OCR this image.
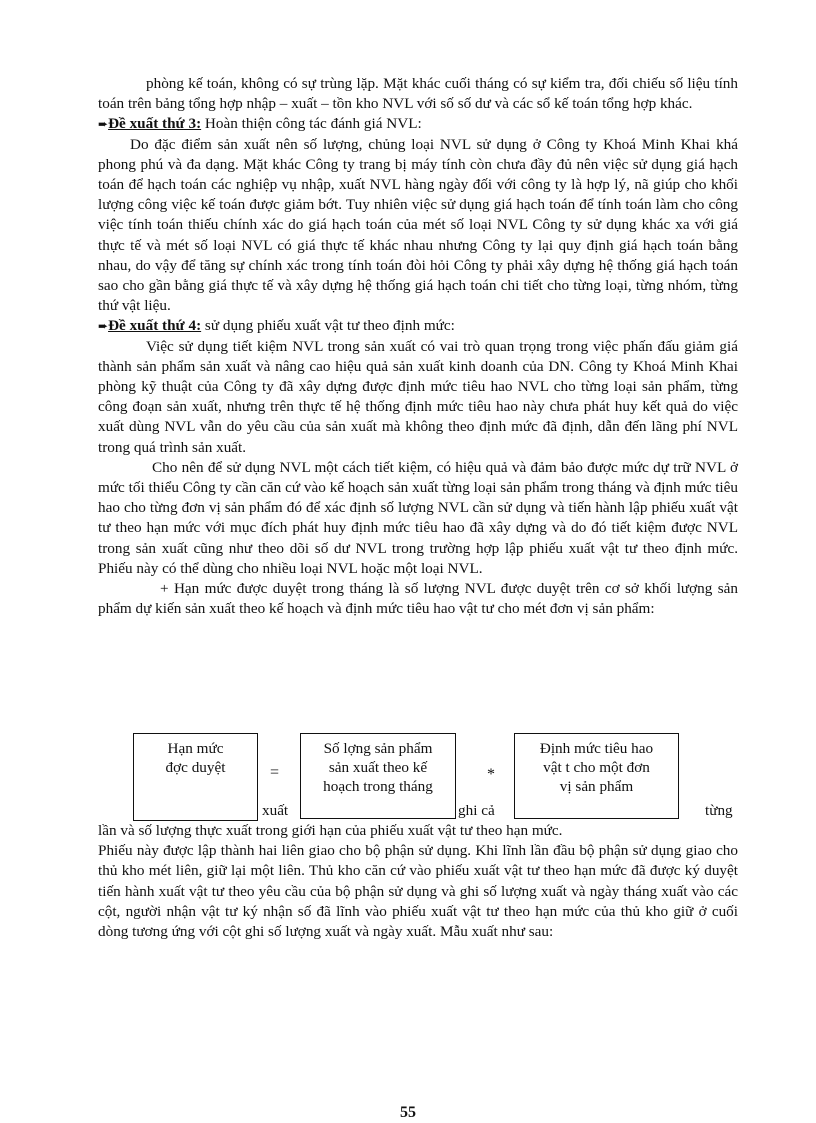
phòng kế toán, không có sự trùng lặp. Mặt khác cuối tháng có sự kiểm tra, đối chiếu số liệu tính toán trên bảng tổng hợp nhập – xuất – tồn kho NVL với số số dư và các sổ kế toán tổng hợp khác.

➨Đề xuất thứ 3: Hoàn thiện công tác đánh giá NVL:

Do đặc điểm sản xuất nên số lượng, chủng loại NVL sử dụng ở Công ty Khoá Minh Khai khá phong phú và đa dạng. Mặt khác Công ty trang bị máy tính còn chưa đầy đủ nên việc sử dụng giá hạch toán để hạch toán các nghiệp vụ nhập, xuất NVL hàng ngày đối với công ty là hợp lý, nã giúp cho khối lượng công việc kế toán được giảm bớt. Tuy nhiên việc sử dụng giá hạch toán để tính toán làm cho công việc tính toán thiếu chính xác do giá hạch toán của mét số loại NVL Công ty sử dụng khác xa với giá thực tế và mét số loại NVL có giá thực tế khác nhau nhưng Công ty lại quy định giá hạch toán bằng nhau, do vậy để tăng sự chính xác trong tính toán đòi hỏi Công ty phải xây dựng hệ thống giá hạch toán sao cho gần bằng giá thực tế và xây dựng hệ thống giá hạch toán chi tiết cho từng loại, từng nhóm, từng thứ vật liệu.

➨Đề xuất thứ 4: sử dụng phiếu xuất vật tư theo định mức:

Việc sử dụng tiết kiệm NVL trong sản xuất có vai trò quan trọng trong việc phấn đấu giảm giá thành sản phẩm sản xuất và nâng cao hiệu quả sản xuất kinh doanh của DN. Công ty Khoá Minh Khai phòng kỹ thuật của Công ty đã xây dựng được định mức tiêu hao NVL cho từng loại sản phẩm, từng công đoạn sản xuất, nhưng trên thực tế hệ thống định mức tiêu hao này chưa phát huy kết quả do việc xuất dùng NVL vẫn do yêu cầu của sản xuất mà không theo định mức đã định, dẫn đến lãng phí NVL trong quá trình sản xuất.

Cho nên để sử dụng NVL một cách tiết kiệm, có hiệu quả và đảm bảo được mức dự trữ NVL ở mức tối thiểu Công ty cần căn cứ vào kế hoạch sản xuất từng loại sản phẩm trong tháng và định mức tiêu hao cho từng đơn vị sản phẩm đó để xác định số lượng NVL cần sử dụng và tiến hành lập phiếu xuất vật tư theo hạn mức với mục đích phát huy định mức tiêu hao đã xây dựng và do đó tiết kiệm được NVL trong sản xuất cũng như theo dõi số dư NVL trong trường hợp lập phiếu xuất vật tư theo định mức. Phiếu này có thể dùng cho nhiều loại NVL hoặc một loại NVL.

+ Hạn mức được duyệt trong tháng là số lượng NVL được duyệt trên cơ sở khối lượng sản phẩm dự kiến sản xuất theo kế hoạch và định mức tiêu hao vật tư cho mét đơn vị sản phẩm:

Hạn mức
đợc duyệt	=
Số lợng sản phẩm
sản xuất theo kế
hoạch trong tháng
*
Định mức tiêu hao
vật t cho một đơn
vị sản phẩm
xuất	ghi cả	từng

lần và số lượng thực xuất trong giới hạn của phiếu xuất vật tư theo hạn mức.

Phiếu này được lập thành hai liên giao cho bộ phận sử dụng. Khi lĩnh lần đầu bộ phận sử dụng giao cho thủ kho mét liên, giữ lại một liên. Thủ kho căn cứ vào phiếu xuất vật tư theo hạn mức đã được ký duyệt tiến hành xuất vật tư theo yêu cầu của bộ phận sử dụng và ghi số lượng xuất và ngày tháng xuất vào các cột, người nhận vật tư ký nhận số đã lĩnh vào phiếu xuất vật tư theo hạn mức của thủ kho giữ ở cuối dòng tương ứng với cột ghi số lượng xuất và ngày xuất. Mẫu xuất như sau:

55
